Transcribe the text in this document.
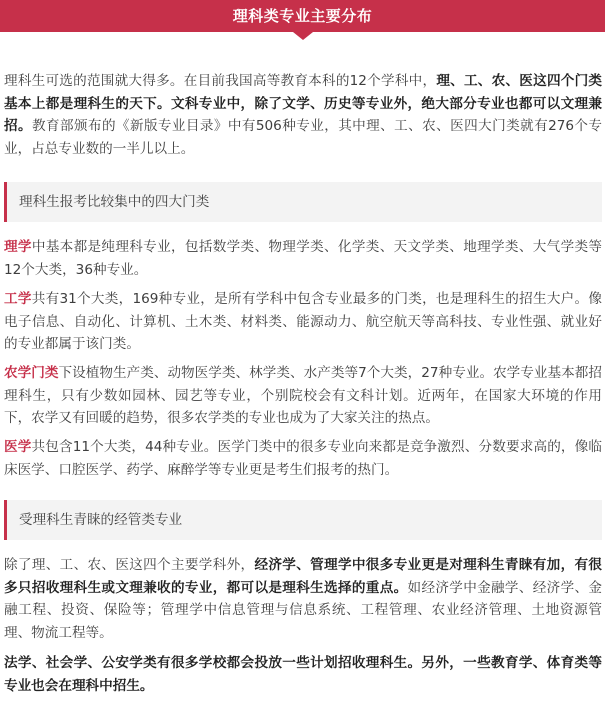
理科类专业主要分布

理科生可选的范围就大得多。在目前我国高等教育本科的12个学科中，理、工、农、医这四个门类基本上都是理科生的天下。文科专业中，除了文学、历史等专业外，绝大部分专业也都可以文理兼招。教育部颁布的《新版专业目录》中有506种专业，其中理、工、农、医四大门类就有276个专业，占总专业数的一半儿以上。

理科生报考比较集中的四大门类

理学中基本都是纯理科专业，包括数学类、物理学类、化学类、天文学类、地理学类、大气学类等12个大类，36种专业。

工学共有31个大类，169种专业，是所有学科中包含专业最多的门类，也是理科生的招生大户。像电子信息、自动化、计算机、土木类、材料类、能源动力、航空航天等高科技、专业性强、就业好的专业都属于该门类。

农学门类下设植物生产类、动物医学类、林学类、水产类等7个大类，27种专业。农学专业基本都招理科生，只有少数如园林、园艺等专业，个别院校会有文科计划。近两年，在国家大环境的作用下，农学又有回暖的趋势，很多农学类的专业也成为了大家关注的热点。

医学共包含11个大类，44种专业。医学门类中的很多专业向来都是竞争激烈、分数要求高的，像临床医学、口腔医学、药学、麻醉学等专业更是考生们报考的热门。

受理科生青睐的经管类专业

除了理、工、农、医这四个主要学科外，经济学、管理学中很多专业更是对理科生青睐有加，有很多只招收理科生或文理兼收的专业，都可以是理科生选择的重点。如经济学中金融学、经济学、金融工程、投资、保险等；管理学中信息管理与信息系统、工程管理、农业经济管理、土地资源管理、物流工程等。

法学、社会学、公安学类有很多学校都会投放一些计划招收理科生。另外，一些教育学、体育类等专业也会在理科中招生。
